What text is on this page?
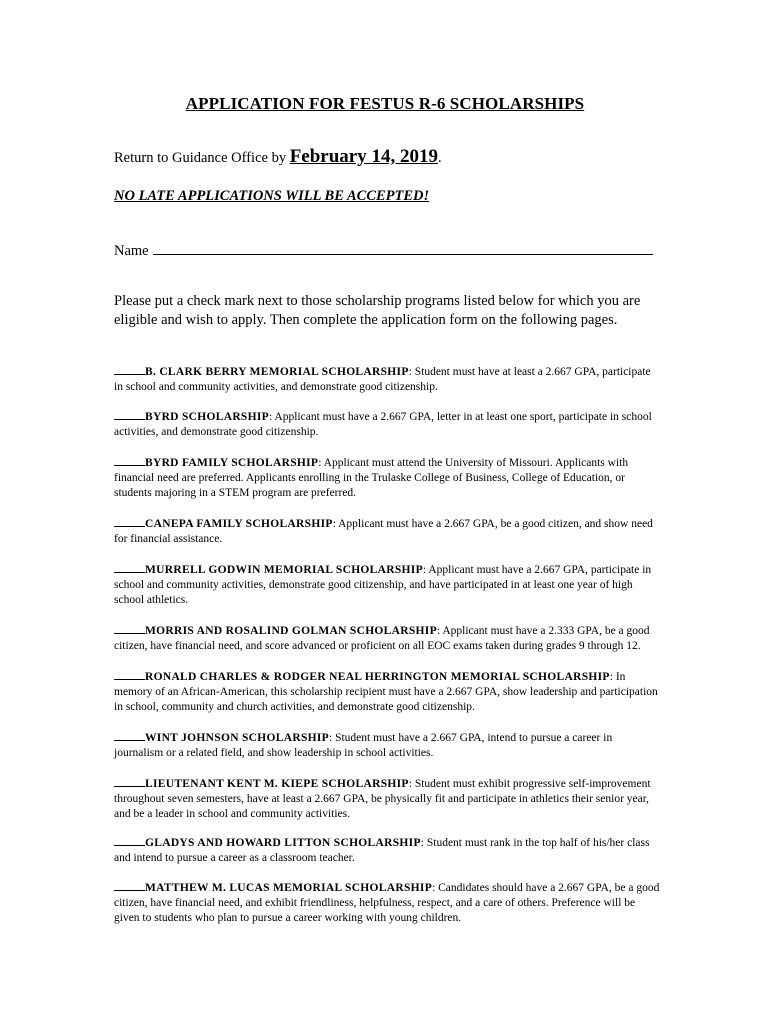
APPLICATION FOR FESTUS R-6 SCHOLARSHIPS
Return to Guidance Office by February 14, 2019.
NO LATE APPLICATIONS WILL BE ACCEPTED!
Name
Please put a check mark next to those scholarship programs listed below for which you are eligible and wish to apply. Then complete the application form on the following pages.

B. CLARK BERRY MEMORIAL SCHOLARSHIP: Student must have at least a 2.667 GPA, participate in school and community activities, and demonstrate good citizenship.

BYRD SCHOLARSHIP: Applicant must have a 2.667 GPA, letter in at least one sport, participate in school activities, and demonstrate good citizenship.

BYRD FAMILY SCHOLARSHIP: Applicant must attend the University of Missouri. Applicants with financial need are preferred. Applicants enrolling in the Trulaske College of Business, College of Education, or students majoring in a STEM program are preferred.

CANEPA FAMILY SCHOLARSHIP: Applicant must have a 2.667 GPA, be a good citizen, and show need for financial assistance.

MURRELL GODWIN MEMORIAL SCHOLARSHIP: Applicant must have a 2.667 GPA, participate in school and community activities, demonstrate good citizenship, and have participated in at least one year of high school athletics.

MORRIS AND ROSALIND GOLMAN SCHOLARSHIP: Applicant must have a 2.333 GPA, be a good citizen, have financial need, and score advanced or proficient on all EOC exams taken during grades 9 through 12.

RONALD CHARLES & RODGER NEAL HERRINGTON MEMORIAL SCHOLARSHIP: In memory of an African-American, this scholarship recipient must have a 2.667 GPA, show leadership and participation in school, community and church activities, and demonstrate good citizenship.

WINT JOHNSON SCHOLARSHIP: Student must have a 2.667 GPA, intend to pursue a career in journalism or a related field, and show leadership in school activities.

LIEUTENANT KENT M. KIEPE SCHOLARSHIP: Student must exhibit progressive self-improvement throughout seven semesters, have at least a 2.667 GPA, be physically fit and participate in athletics their senior year, and be a leader in school and community activities.

GLADYS AND HOWARD LITTON SCHOLARSHIP: Student must rank in the top half of his/her class and intend to pursue a career as a classroom teacher.

MATTHEW M. LUCAS MEMORIAL SCHOLARSHIP: Candidates should have a 2.667 GPA, be a good citizen, have financial need, and exhibit friendliness, helpfulness, respect, and a care of others. Preference will be given to students who plan to pursue a career working with young children.
